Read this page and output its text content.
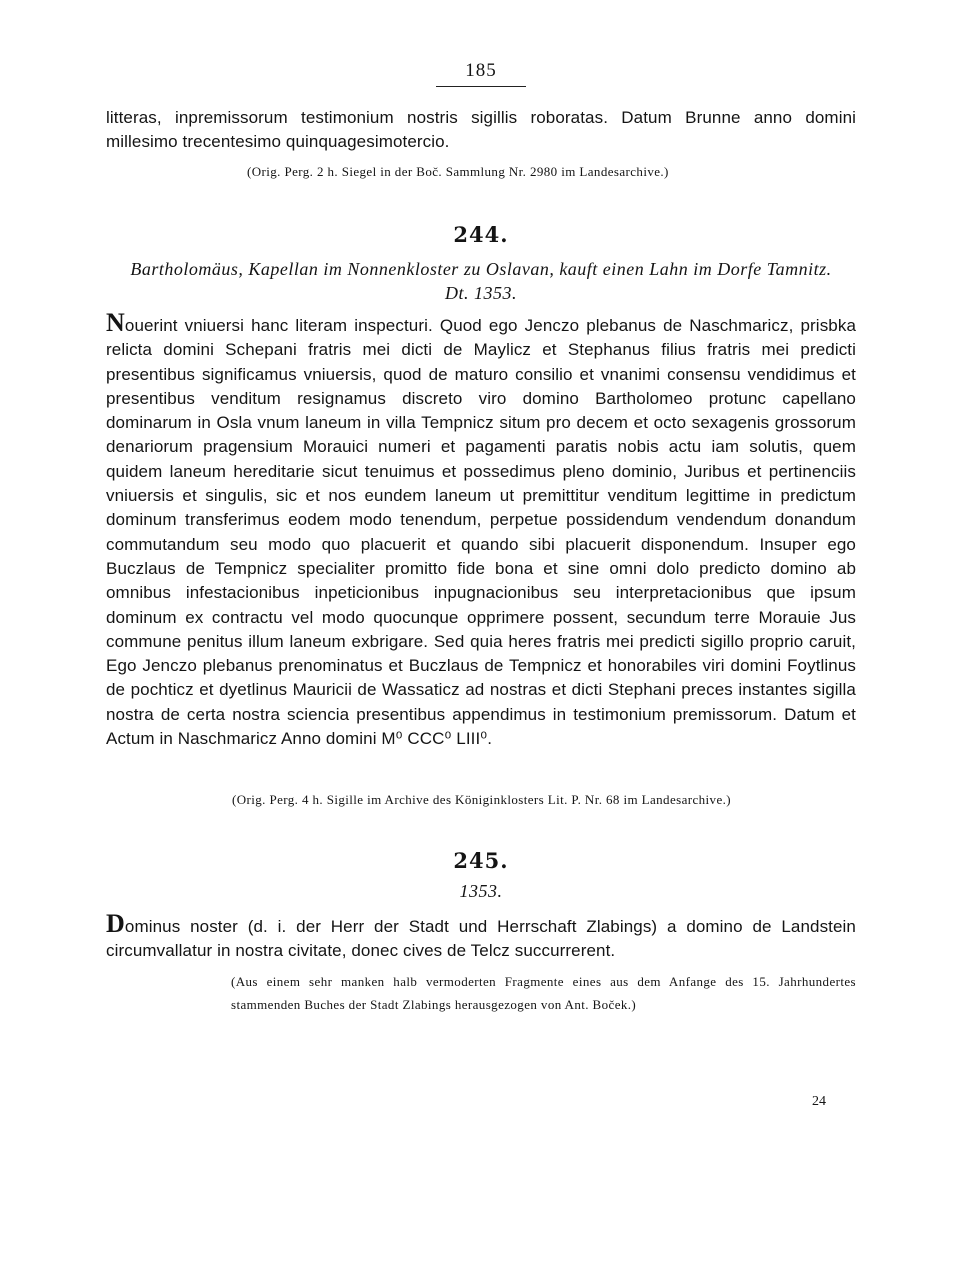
185

litteras, inpremissorum testimonium nostris sigillis roboratas. Datum Brunne anno domini millesimo trecentesimo quinquagesimotercio.

(Orig. Perg. 2 h. Siegel in der Boč. Sammlung Nr. 2980 im Landesarchive.)
244.
Bartholomäus, Kapellan im Nonnenkloster zu Oslavan, kauft einen Lahn im Dorfe Tamnitz. Dt. 1353.

Nouerint vniuersi hanc literam inspecturi. Quod ego Jenczo plebanus de Naschmaricz, prisbka relicta domini Schepani fratris mei dicti de Maylicz et Stephanus filius fratris mei predicti presentibus significamus vniuersis, quod de maturo consilio et vnanimi consensu vendidimus et presentibus venditum resignamus discreto viro domino Bartholomeo protunc capellano dominarum in Osla vnum laneum in villa Tempnicz situm pro decem et octo sexagenis grossorum denariorum pragensium Morauici numeri et pagamenti paratis nobis actu iam solutis, quem quidem laneum hereditarie sicut tenuimus et possedimus pleno dominio, Juribus et pertinenciis vniuersis et singulis, sic et nos eundem laneum ut premittitur venditum legittime in predictum dominum transferimus eodem modo tenendum, perpetue possidendum vendendum donandum commutandum seu modo quo placuerit et quando sibi placuerit disponendum. Insuper ego Buczlaus de Tempnicz specialiter promitto fide bona et sine omni dolo predicto domino ab omnibus infestacionibus inpeticionibus inpugnacionibus seu interpretacionibus que ipsum dominum ex contractu vel modo quocunque opprimere possent, secundum terre Morauie Jus commune penitus illum laneum exbrigare. Sed quia heres fratris mei predicti sigillo proprio caruit, Ego Jenczo plebanus prenominatus et Buczlaus de Tempnicz et honorabiles viri domini Foytlinus de pochticz et dyetlinus Mauricii de Wassaticz ad nostras et dicti Stephani preces instantes sigilla nostra de certa nostra sciencia presentibus appendimus in testimonium premissorum. Datum et Actum in Naschmaricz Anno domini M⁰ CCC⁰ LIII⁰.

(Orig. Perg. 4 h. Sigille im Archive des Königinklosters Lit. P. Nr. 68 im Landesarchive.)
245.
1353.

Dominus noster (d. i. der Herr der Stadt und Herrschaft Zlabings) a domino de Landstein circumvallatur in nostra civitate, donec cives de Telcz succurrerent.

(Aus einem sehr manken halb vermoderten Fragmente eines aus dem Anfange des 15. Jahrhundertes stammenden Buches der Stadt Zlabings herausgezogen von Ant. Boček.)
24
